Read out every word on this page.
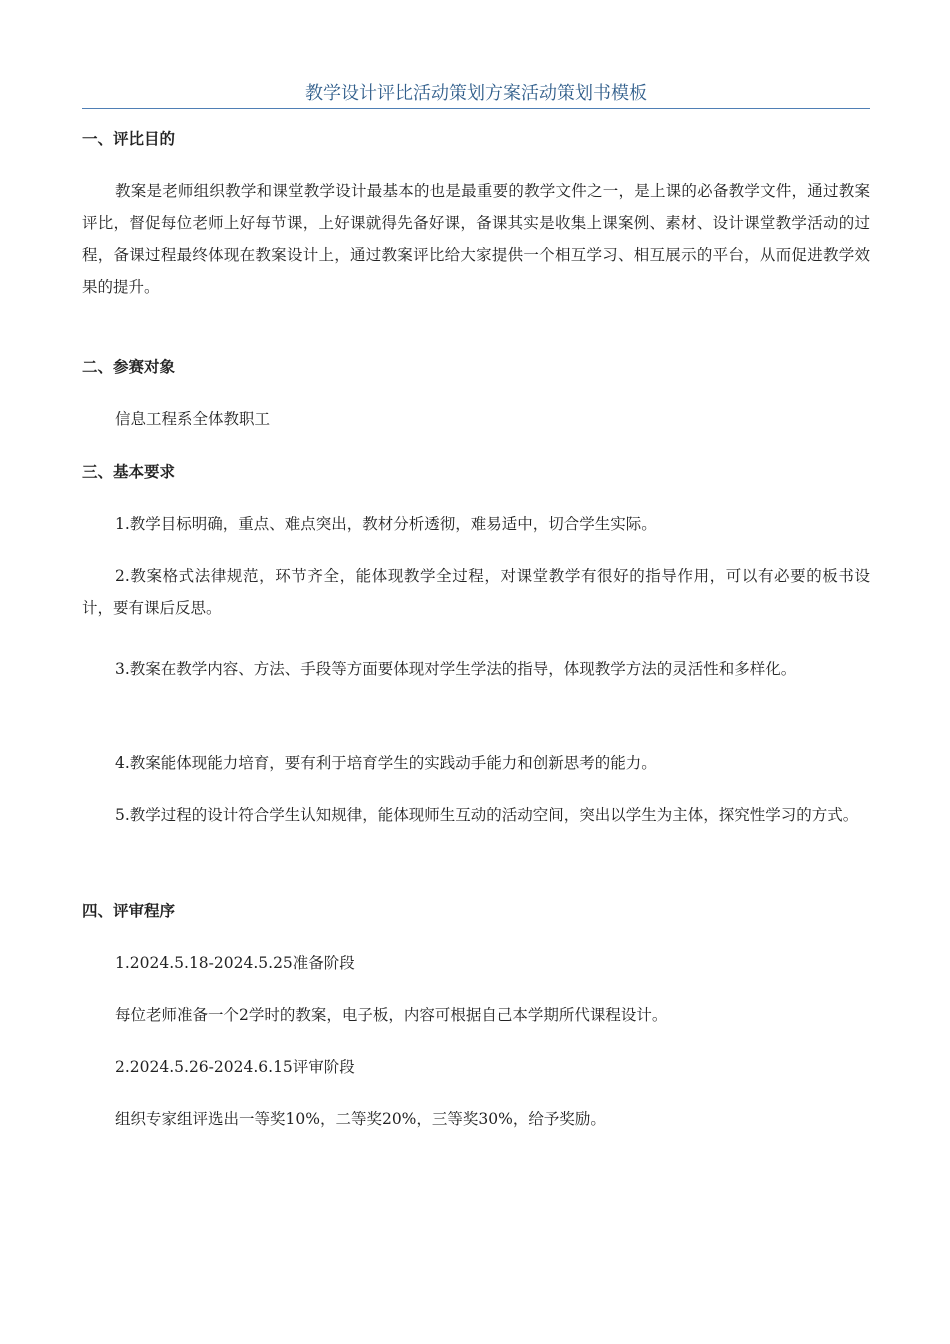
教学设计评比活动策划方案活动策划书模板
一、评比目的

教案是老师组织教学和课堂教学设计最基本的也是最重要的教学文件之一，是上课的必备教学文件，通过教案评比，督促每位老师上好每节课，上好课就得先备好课，备课其实是收集上课案例、素材、设计课堂教学活动的过程，备课过程最终体现在教案设计上，通过教案评比给大家提供一个相互学习、相互展示的平台，从而促进教学效果的提升。

二、参赛对象

信息工程系全体教职工

三、基本要求

1.教学目标明确，重点、难点突出，教材分析透彻，难易适中，切合学生实际。

2.教案格式法律规范，环节齐全，能体现教学全过程，对课堂教学有很好的指导作用，可以有必要的板书设计，要有课后反思。

3.教案在教学内容、方法、手段等方面要体现对学生学法的指导，体现教学方法的灵活性和多样化。

4.教案能体现能力培育，要有利于培育学生的实践动手能力和创新思考的能力。

5.教学过程的设计符合学生认知规律，能体现师生互动的活动空间，突出以学生为主体，探究性学习的方式。

四、评审程序

1.2024.5.18-2024.5.25准备阶段

每位老师准备一个2学时的教案，电子板，内容可根据自己本学期所代课程设计。

2.2024.5.26-2024.6.15评审阶段

组织专家组评选出一等奖10%，二等奖20%，三等奖30%，给予奖励。
